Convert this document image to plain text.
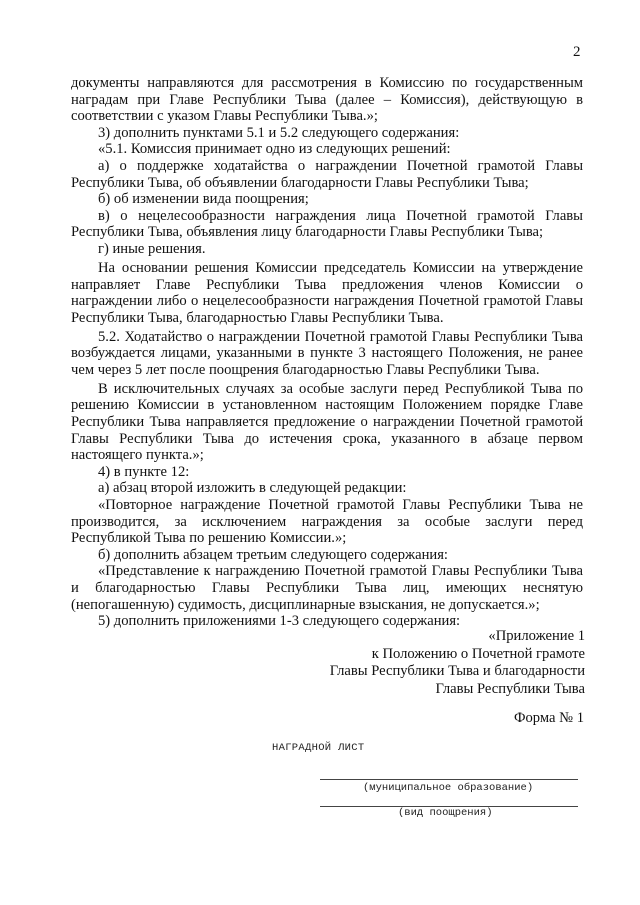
2

документы направляются для рассмотрения в Комиссию по государственным наградам при Главе Республики Тыва (далее – Комиссия), действующую в соответствии с указом Главы Республики Тыва.»;

3) дополнить пунктами 5.1 и 5.2 следующего содержания:

«5.1. Комиссия принимает одно из следующих решений:

а) о поддержке ходатайства о награждении Почетной грамотой Главы Республики Тыва, об объявлении благодарности Главы Республики Тыва;

б) об изменении вида поощрения;

в) о нецелесообразности награждения лица Почетной грамотой Главы Республики Тыва, объявления лицу благодарности Главы Республики Тыва;

г) иные решения.

На основании решения Комиссии председатель Комиссии на утверждение направляет Главе Республики Тыва предложения членов Комиссии о награждении либо о нецелесообразности награждения Почетной грамотой Главы Республики Тыва, благодарностью Главы Республики Тыва.

5.2. Ходатайство о награждении Почетной грамотой Главы Республики Тыва возбуждается лицами, указанными в пункте 3 настоящего Положения, не ранее чем через 5 лет после поощрения благодарностью Главы Республики Тыва.

В исключительных случаях за особые заслуги перед Республикой Тыва по решению Комиссии в установленном настоящим Положением порядке Главе Республики Тыва направляется предложение о награждении Почетной грамотой Главы Республики Тыва до истечения срока, указанного в абзаце первом настоящего пункта.»;

4) в пункте 12:

а) абзац второй изложить в следующей редакции:

«Повторное награждение Почетной грамотой Главы Республики Тыва не производится, за исключением награждения за особые заслуги перед Республикой Тыва по решению Комиссии.»;

б) дополнить абзацем третьим следующего содержания:

«Представление к награждению Почетной грамотой Главы Республики Тыва и благодарностью Главы Республики Тыва лиц, имеющих неснятую (непогашенную) судимость, дисциплинарные взыскания, не допускается.»;

5) дополнить приложениями 1-3 следующего содержания:

«Приложение 1
к Положению о Почетной грамоте
Главы Республики Тыва и благодарности
Главы Республики Тыва
Форма № 1
НАГРАДНОЙ ЛИСТ
(муниципальное образование)
(вид поощрения)
